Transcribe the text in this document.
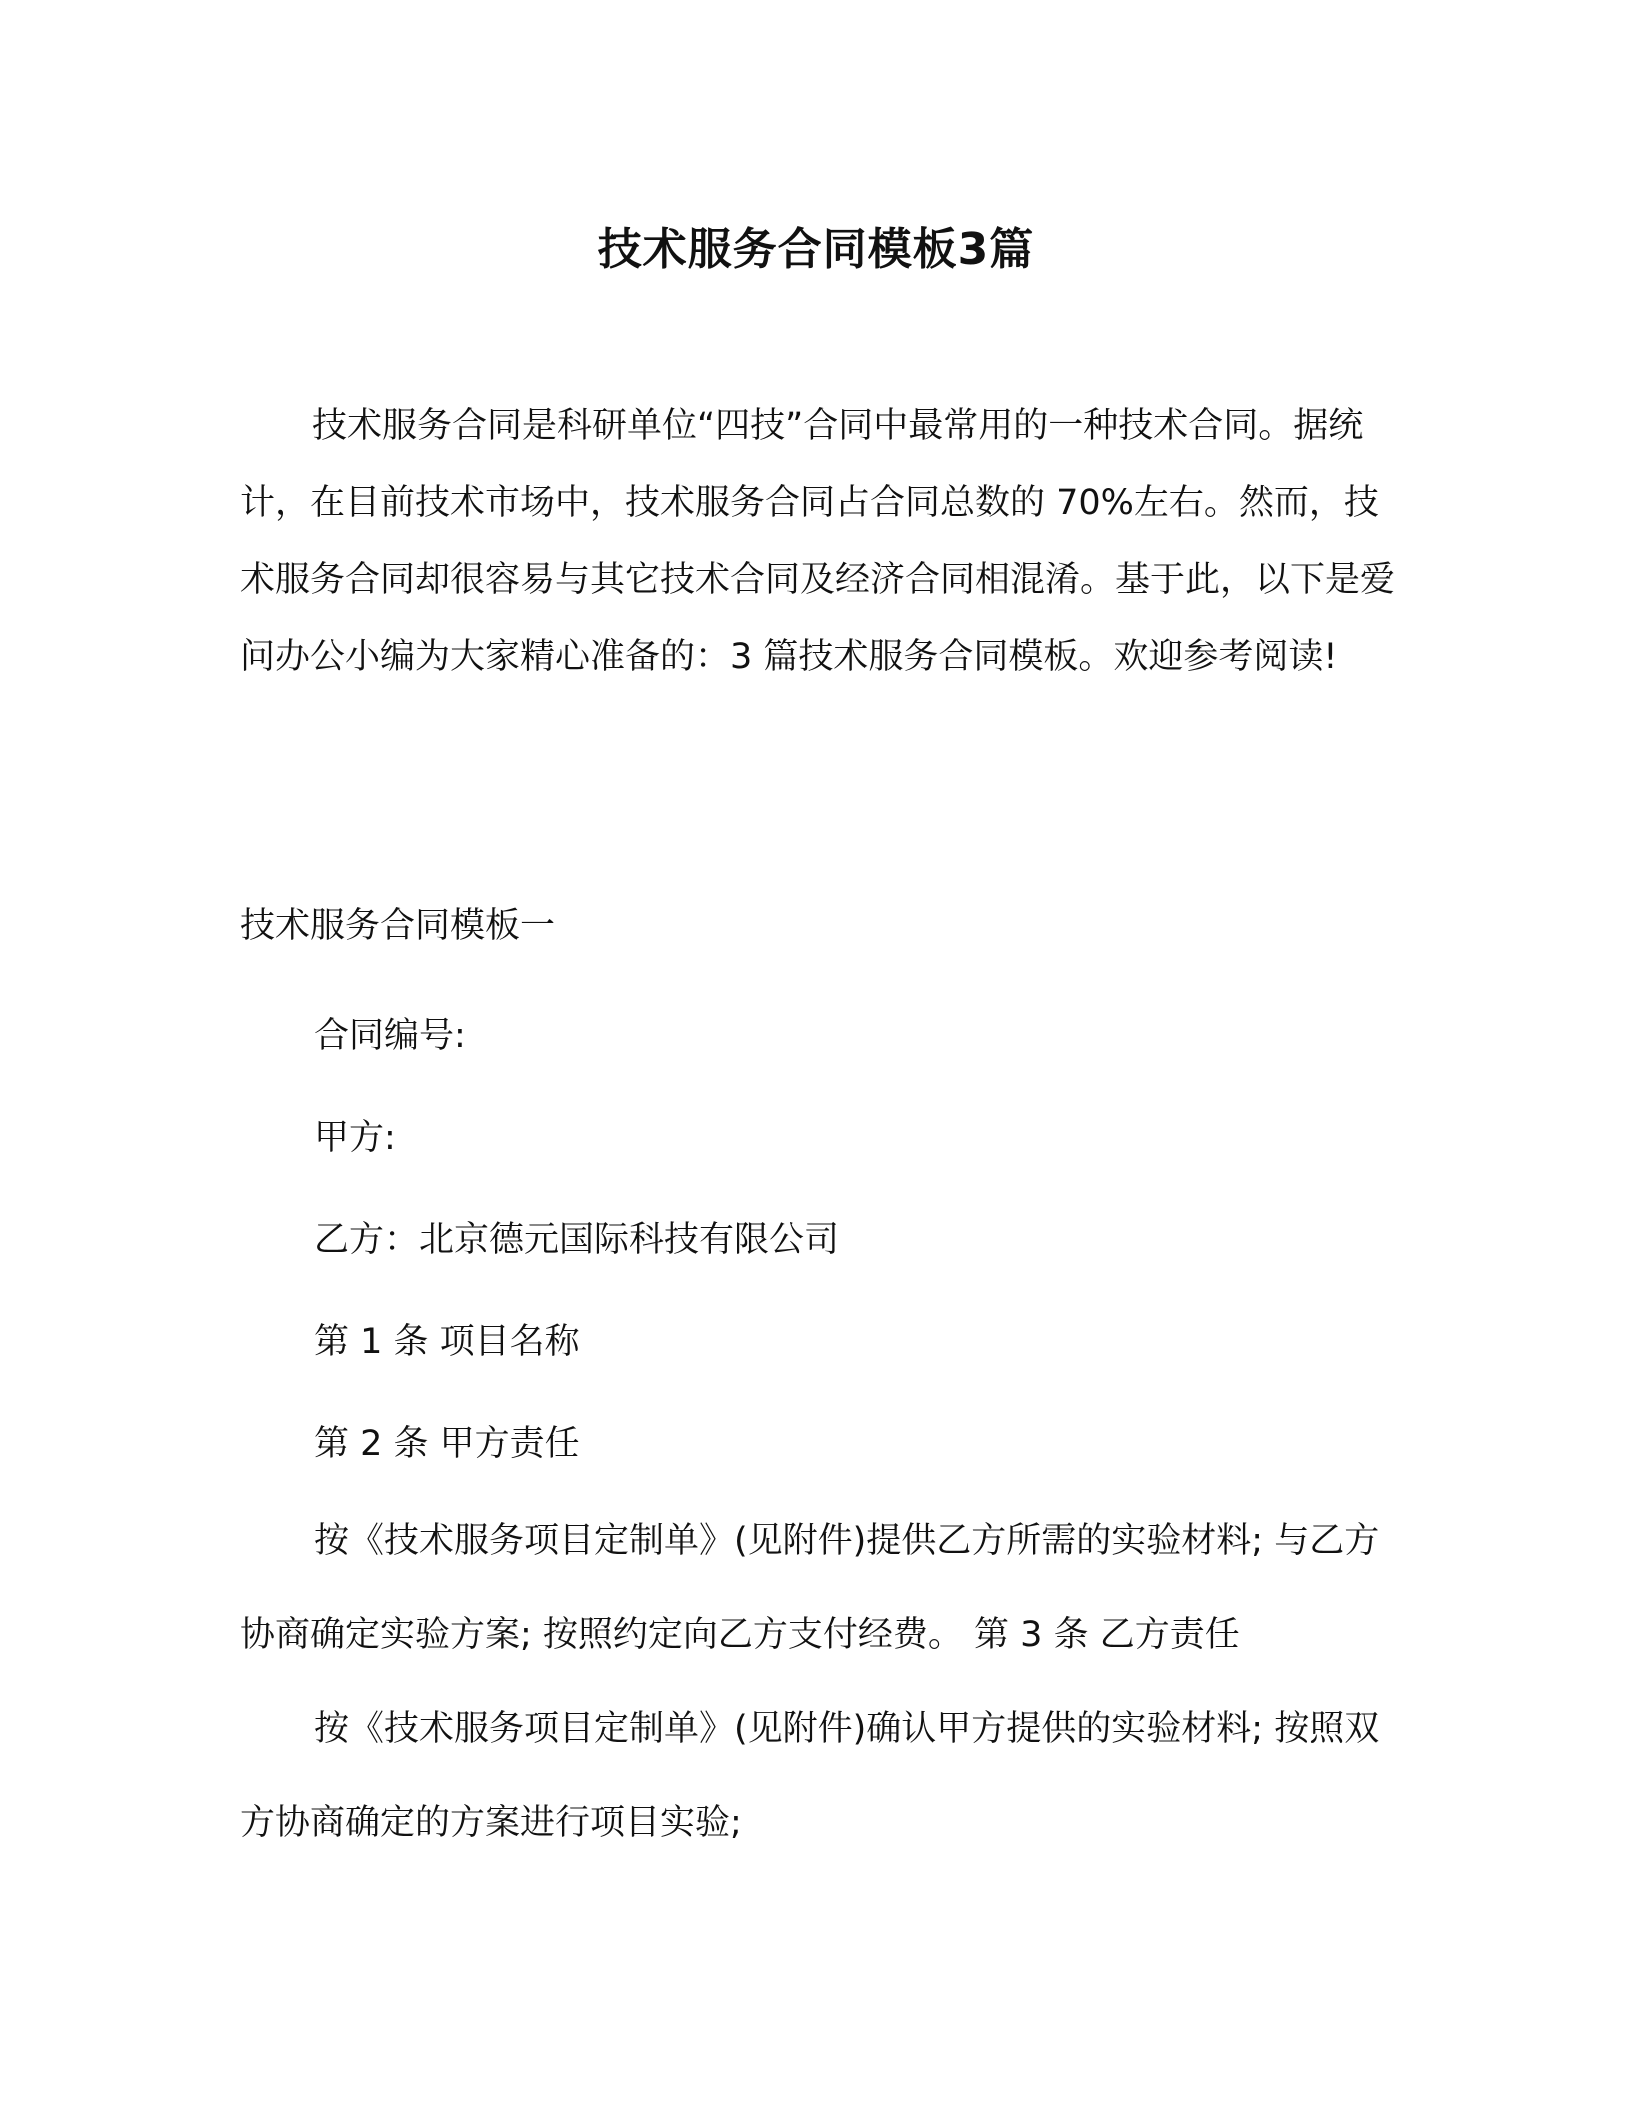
技术服务合同模板3篇

技术服务合同是科研单位“四技”合同中最常用的一种技术合同。据统计，在目前技术市场中，技术服务合同占合同总数的 70%左右。然而，技术服务合同却很容易与其它技术合同及经济合同相混淆。基于此，以下是爱问办公小编为大家精心准备的：3 篇技术服务合同模板。欢迎参考阅读!

技术服务合同模板一

合同编号:

甲方:

乙方：北京德元国际科技有限公司

第 1 条 项目名称

第 2 条 甲方责任

按《技术服务项目定制单》(见附件)提供乙方所需的实验材料; 与乙方协商确定实验方案; 按照约定向乙方支付经费。 第 3 条 乙方责任

按《技术服务项目定制单》(见附件)确认甲方提供的实验材料; 按照双方协商确定的方案进行项目实验;
